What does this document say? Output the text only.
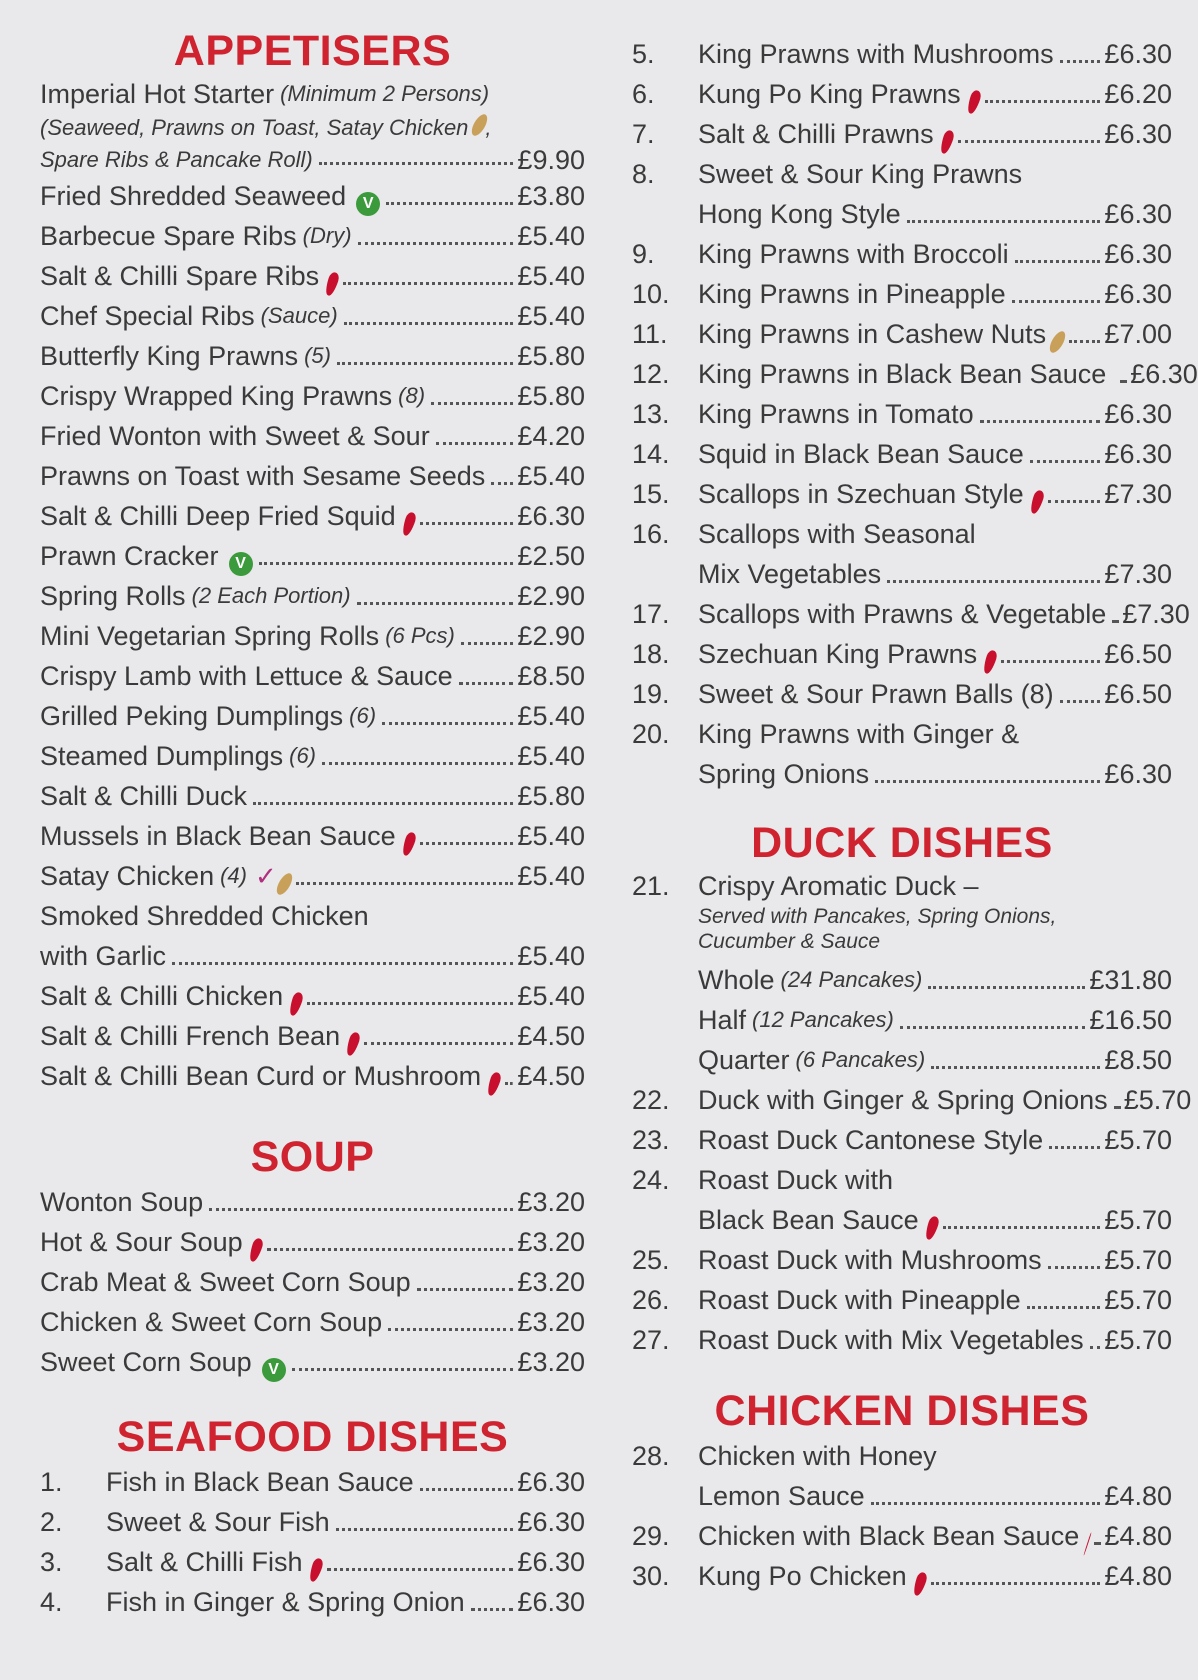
APPETISERS
Imperial Hot Starter (Minimum 2 Persons)
(Seaweed, Prawns on Toast, Satay Chicken ,
Spare Ribs & Pancake Roll)	£9.90
Fried Shredded Seaweed	V	£3.80
Barbecue Spare Ribs (Dry)	£5.40
Salt & Chilli Spare Ribs	£5.40
Chef Special Ribs (Sauce)	£5.40
Butterfly King Prawns (5)	£5.80
Crispy Wrapped King Prawns (8)	£5.80
Fried Wonton with Sweet & Sour	£4.20
Prawns on Toast with Sesame Seeds £5.40
Salt & Chilli Deep Fried Squid	£6.30
Prawn Cracker	V	£2.50
Spring Rolls (2 Each Portion)	£2.90
Mini Vegetarian Spring Rolls (6 Pcs) £2.90
Crispy Lamb with Lettuce & Sauce £8.50
Grilled Peking Dumplings (6)	£5.40
Steamed Dumplings (6)	£5.40
Salt & Chilli Duck	£5.80
Mussels in Black Bean Sauce	£5.40
Satay Chicken (4) ✓	£5.40
Smoked Shredded Chicken
with Garlic	£5.40
Salt & Chilli Chicken	£5.40
Salt & Chilli French Bean	£4.50
Salt & Chilli Bean Curd or Mushroom £4.50
SOUP
Wonton Soup	£3.20
Hot & Sour Soup	£3.20
Crab Meat & Sweet Corn Soup	£3.20
Chicken & Sweet Corn Soup	£3.20
Sweet Corn Soup	V	£3.20
SEAFOOD DISHES
1.	Fish in Black Bean Sauce	£6.30
2.	Sweet & Sour Fish	£6.30
3.	Salt & Chilli Fish	£6.30
4.	Fish in Ginger & Spring Onion £6.30
5.	King Prawns with Mushrooms £6.30
6.	Kung Po King Prawns	£6.20
7.	Salt & Chilli Prawns	£6.30
8.	Sweet & Sour King Prawns
Hong Kong Style	£6.30
9.	King Prawns with Broccoli	£6.30
10.	King Prawns in Pineapple	£6.30
11.	King Prawns in Cashew Nuts £7.00
12.	King Prawns in Black Bean Sauce £6.30
13.	King Prawns in Tomato	£6.30
14.	Squid in Black Bean Sauce	£6.30
15.	Scallops in Szechuan Style	£7.30
16.	Scallops with Seasonal
Mix Vegetables	£7.30
17.	Scallops with Prawns & Vegetable £7.30
18.	Szechuan King Prawns	£6.50
19.	Sweet & Sour Prawn Balls (8) £6.50
20.	King Prawns with Ginger &
Spring Onions	£6.30
DUCK DISHES
21.	Crispy Aromatic Duck –
Served with Pancakes, Spring Onions,
Cucumber & Sauce
Whole (24 Pancakes)	£31.80
Half (12 Pancakes)	£16.50
Quarter (6 Pancakes)	£8.50
22.	Duck with Ginger & Spring Onions £5.70
23.	Roast Duck Cantonese Style £5.70
24.	Roast Duck with
Black Bean Sauce	£5.70
25.	Roast Duck with Mushrooms £5.70
26.	Roast Duck with Pineapple	£5.70
27.	Roast Duck with Mix Vegetables £5.70
CHICKEN DISHES
28.	Chicken with Honey
Lemon Sauce	£4.80
29.	Chicken with Black Bean Sauce £4.80
30.	Kung Po Chicken	£4.80
